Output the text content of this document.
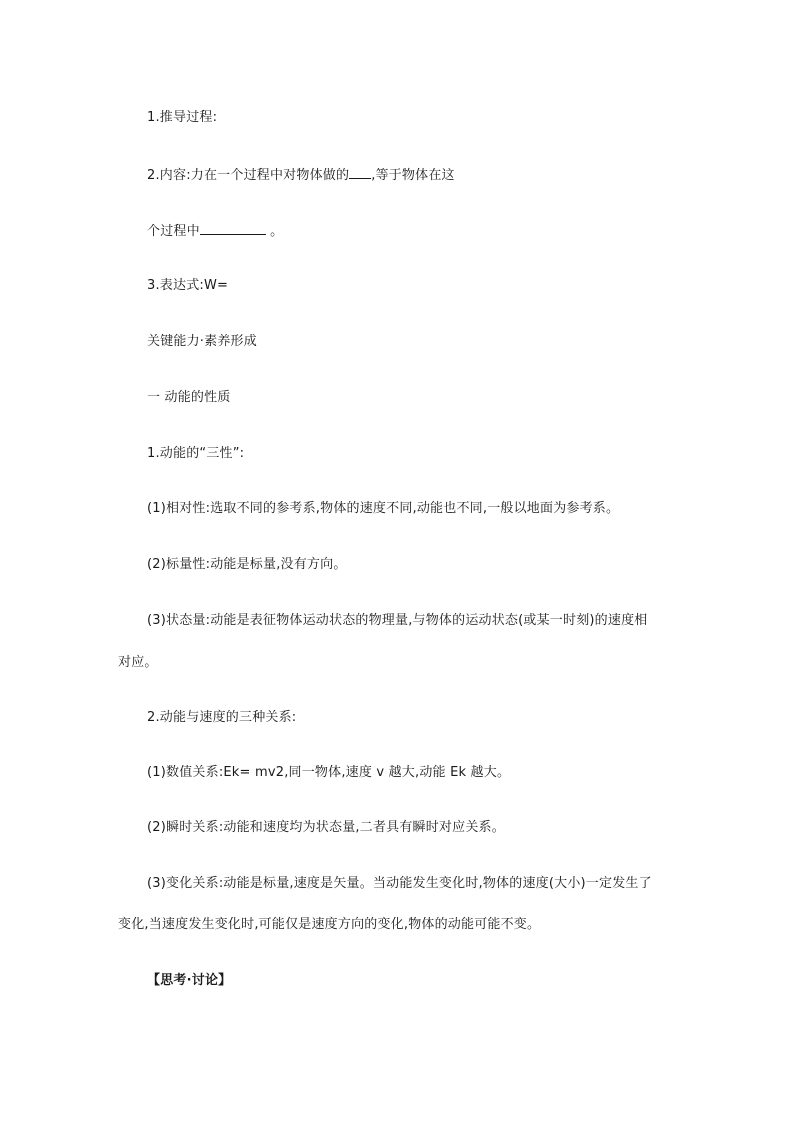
1.推导过程:
2.内容:力在一个过程中对物体做的 ,等于物体在这
个过程中	。
3.表达式:W=
关键能力·素养形成
一 动能的性质
1.动能的“三性”:
(1)相对性:选取不同的参考系,物体的速度不同,动能也不同,一般以地面为参考系。
(2)标量性:动能是标量,没有方向。
(3)状态量:动能是表征物体运动状态的物理量,与物体的运动状态(或某一时刻)的速度相
对应。
2.动能与速度的三种关系:
(1)数值关系:Ek= mv2,同一物体,速度 v 越大,动能 Ek 越大。
(2)瞬时关系:动能和速度均为状态量,二者具有瞬时对应关系。
(3)变化关系:动能是标量,速度是矢量。当动能发生变化时,物体的速度(大小)一定发生了
变化,当速度发生变化时,可能仅是速度方向的变化,物体的动能可能不变。
【思考·讨论】
